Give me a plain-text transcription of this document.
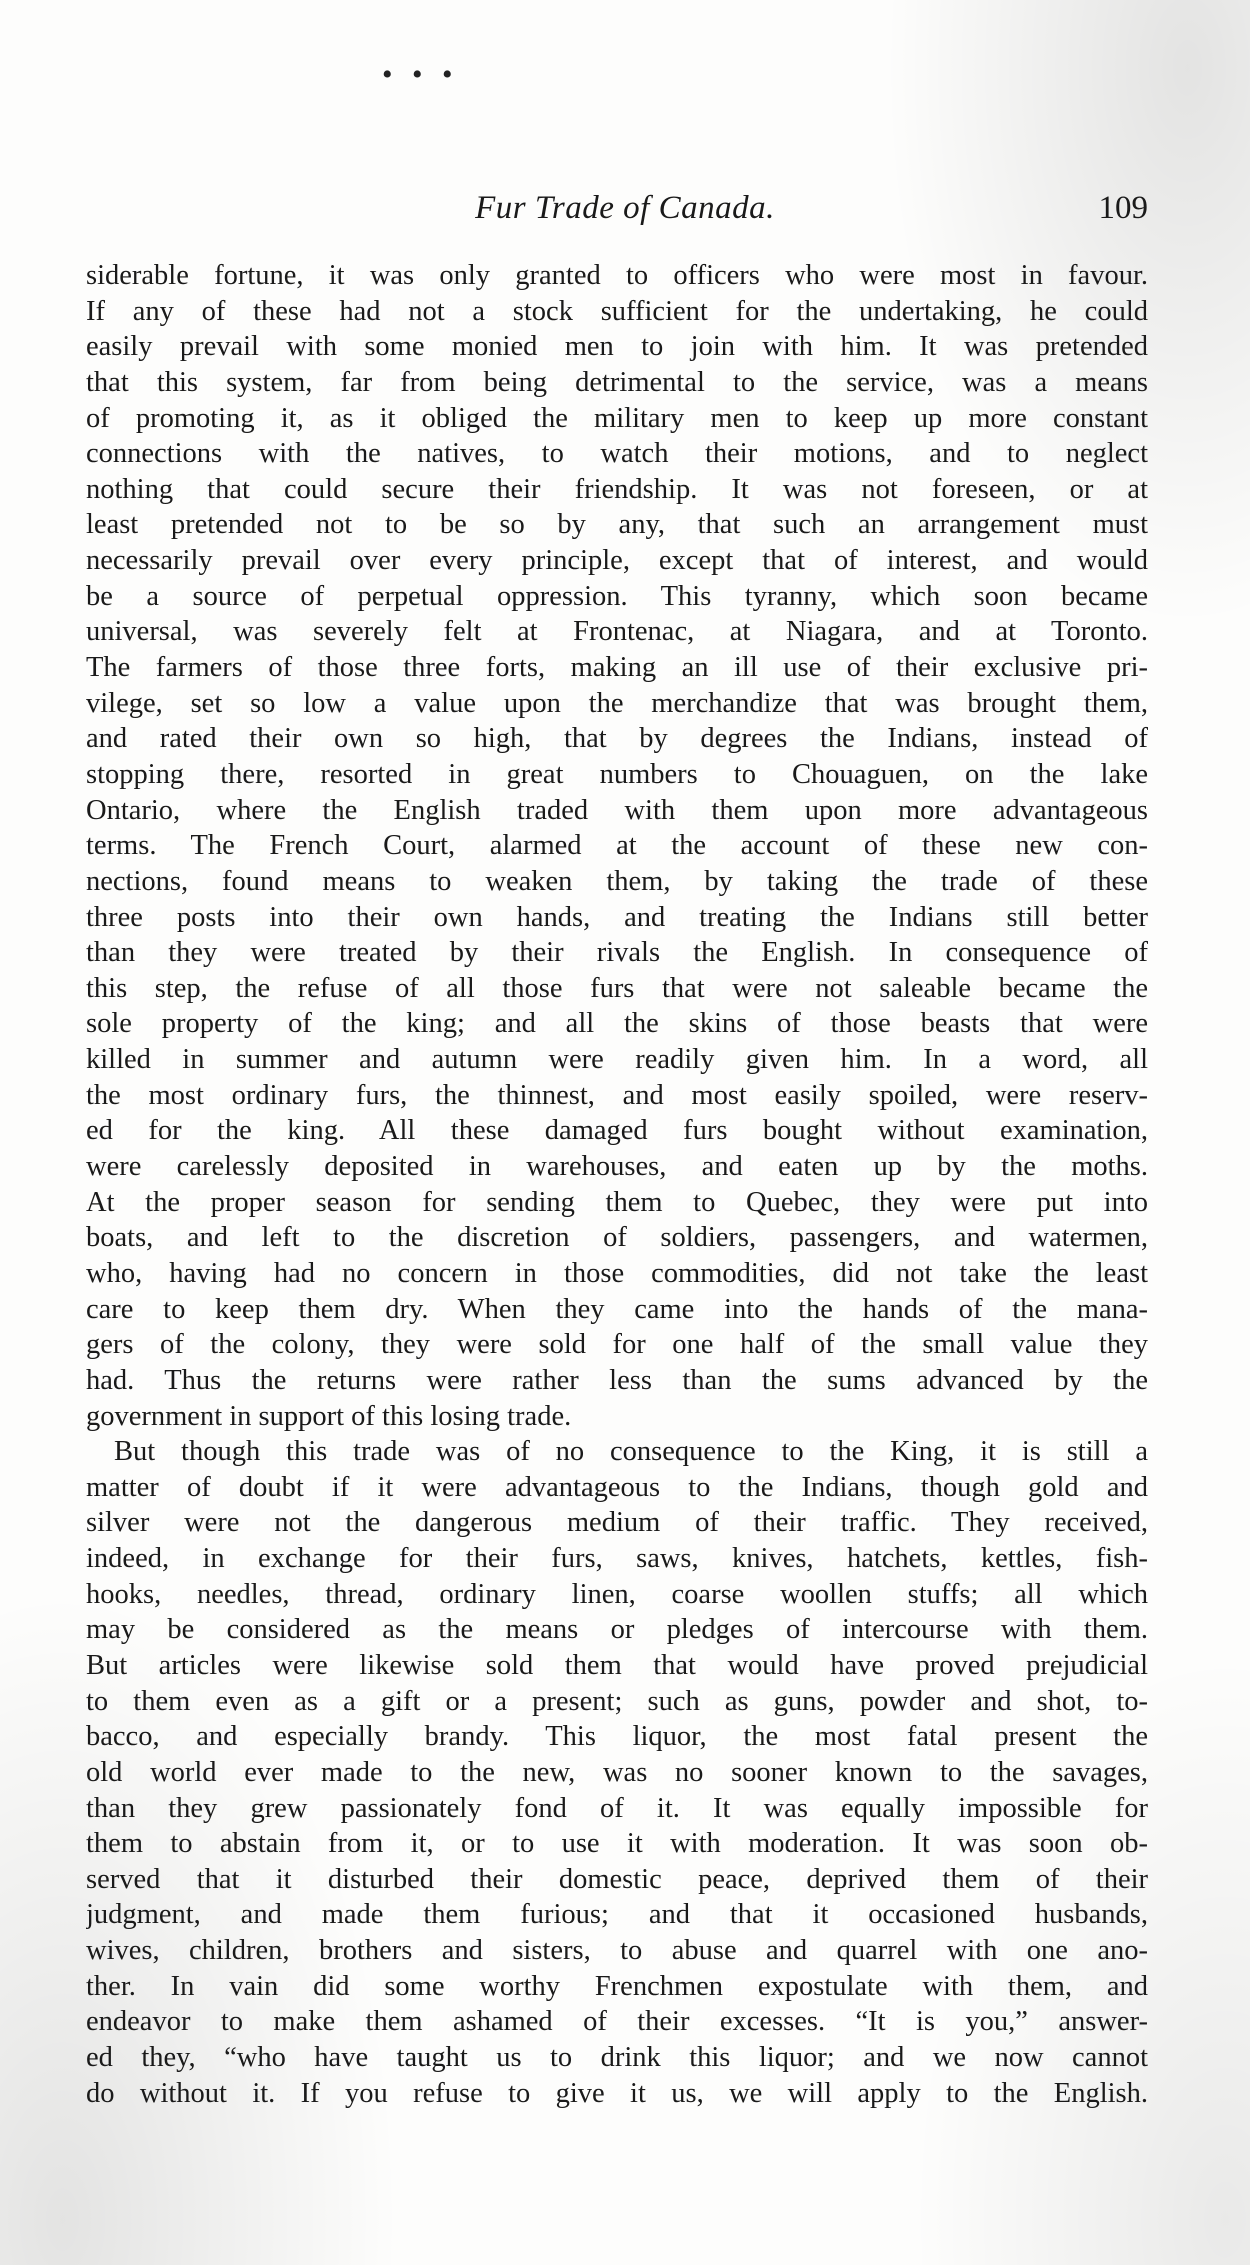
• • •
Fur Trade of Canada.	109
siderable fortune, it was only granted to officers who were most in favour.
If any of these had not a stock sufficient for the undertaking, he could
easily prevail with some monied men to join with him. It was pretended
that this system, far from being detrimental to the service, was a means
of promoting it, as it obliged the military men to keep up more constant
connections with the natives, to watch their motions, and to neglect
nothing that could secure their friendship. It was not foreseen, or at
least pretended not to be so by any, that such an arrangement must
necessarily prevail over every principle, except that of interest, and would
be a source of perpetual oppression. This tyranny, which soon became
universal, was severely felt at Frontenac, at Niagara, and at Toronto.
The farmers of those three forts, making an ill use of their exclusive pri-
vilege, set so low a value upon the merchandize that was brought them,
and rated their own so high, that by degrees the Indians, instead of
stopping there, resorted in great numbers to Chouaguen, on the lake
Ontario, where the English traded with them upon more advantageous
terms. The French Court, alarmed at the account of these new con-
nections, found means to weaken them, by taking the trade of these
three posts into their own hands, and treating the Indians still better
than they were treated by their rivals the English. In consequence of
this step, the refuse of all those furs that were not saleable became the
sole property of the king; and all the skins of those beasts that were
killed in summer and autumn were readily given him. In a word, all
the most ordinary furs, the thinnest, and most easily spoiled, were reserv-
ed for the king. All these damaged furs bought without examination,
were carelessly deposited in warehouses, and eaten up by the moths.
At the proper season for sending them to Quebec, they were put into
boats, and left to the discretion of soldiers, passengers, and watermen,
who, having had no concern in those commodities, did not take the least
care to keep them dry. When they came into the hands of the mana-
gers of the colony, they were sold for one half of the small value they
had. Thus the returns were rather less than the sums advanced by the
government in support of this losing trade.
But though this trade was of no consequence to the King, it is still a
matter of doubt if it were advantageous to the Indians, though gold and
silver were not the dangerous medium of their traffic. They received,
indeed, in exchange for their furs, saws, knives, hatchets, kettles, fish-
hooks, needles, thread, ordinary linen, coarse woollen stuffs; all which
may be considered as the means or pledges of intercourse with them.
But articles were likewise sold them that would have proved prejudicial
to them even as a gift or a present; such as guns, powder and shot, to-
bacco, and especially brandy. This liquor, the most fatal present the
old world ever made to the new, was no sooner known to the savages,
than they grew passionately fond of it. It was equally impossible for
them to abstain from it, or to use it with moderation. It was soon ob-
served that it disturbed their domestic peace, deprived them of their
judgment, and made them furious; and that it occasioned husbands,
wives, children, brothers and sisters, to abuse and quarrel with one ano-
ther. In vain did some worthy Frenchmen expostulate with them, and
endeavor to make them ashamed of their excesses. “It is you,” answer-
ed they, “who have taught us to drink this liquor; and we now cannot
do without it. If you refuse to give it us, we will apply to the English.
